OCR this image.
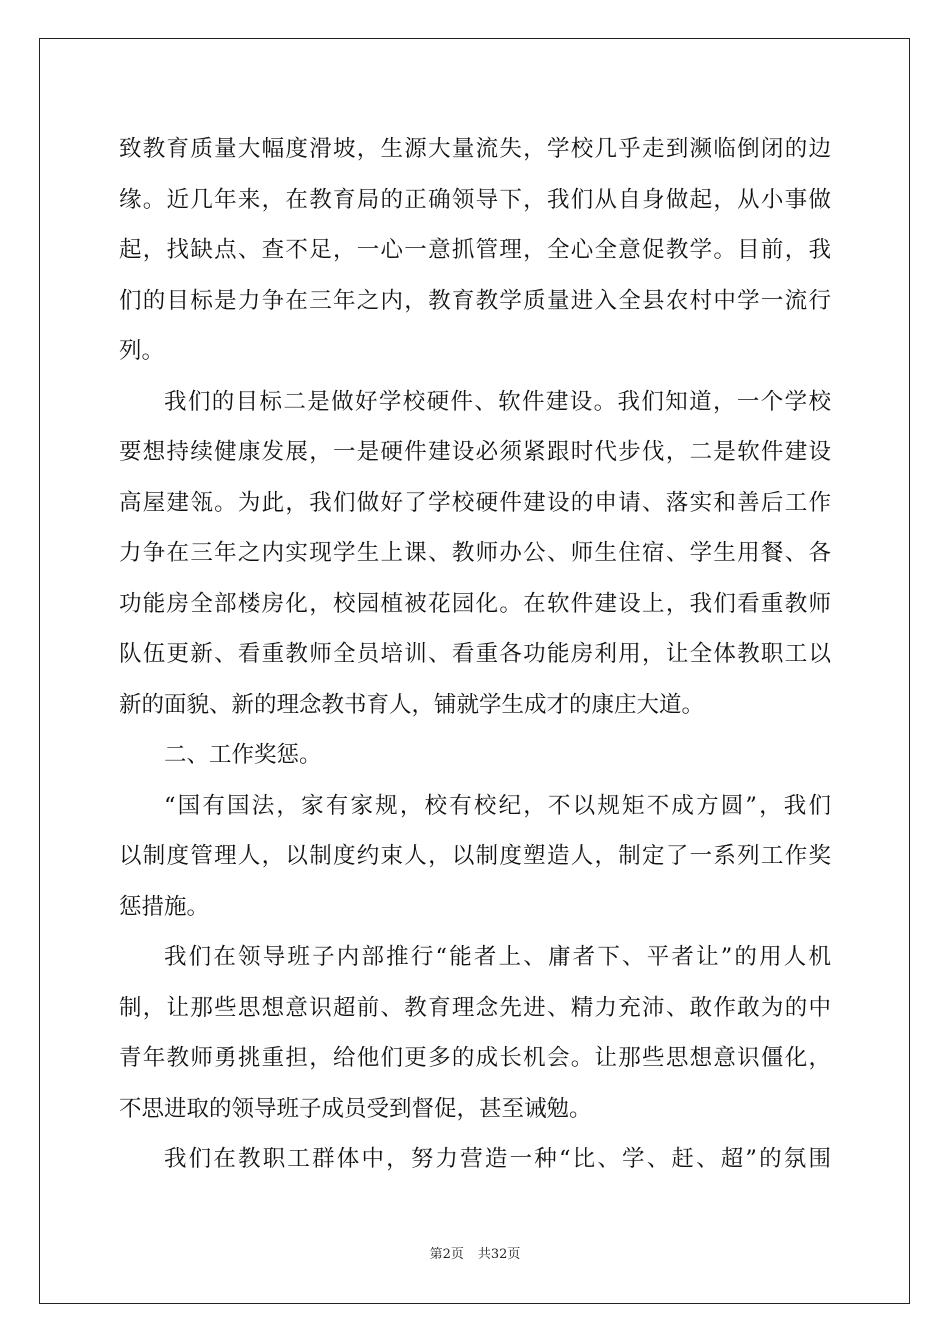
致教育质量大幅度滑坡，生源大量流失，学校几乎走到濒临倒闭的边
缘。近几年来，在教育局的正确领导下，我们从自身做起，从小事做
起，找缺点、查不足，一心一意抓管理，全心全意促教学。目前，我
们的目标是力争在三年之内，教育教学质量进入全县农村中学一流行
列。
我们的目标二是做好学校硬件、软件建设。我们知道，一个学校
要想持续健康发展，一是硬件建设必须紧跟时代步伐，二是软件建设
高屋建瓴。为此，我们做好了学校硬件建设的申请、落实和善后工作
力争在三年之内实现学生上课、教师办公、师生住宿、学生用餐、各
功能房全部楼房化，校园植被花园化。在软件建设上，我们看重教师
队伍更新、看重教师全员培训、看重各功能房利用，让全体教职工以
新的面貌、新的理念教书育人，铺就学生成才的康庄大道。
二、工作奖惩。
“国有国法，家有家规，校有校纪，不以规矩不成方圆”，我们
以制度管理人，以制度约束人，以制度塑造人，制定了一系列工作奖
惩措施。
我们在领导班子内部推行“能者上、庸者下、平者让”的用人机
制，让那些思想意识超前、教育理念先进、精力充沛、敢作敢为的中
青年教师勇挑重担，给他们更多的成长机会。让那些思想意识僵化，
不思进取的领导班子成员受到督促，甚至诫勉。
我们在教职工群体中，努力营造一种“比、学、赶、超”的氛围
第2页 共32页
